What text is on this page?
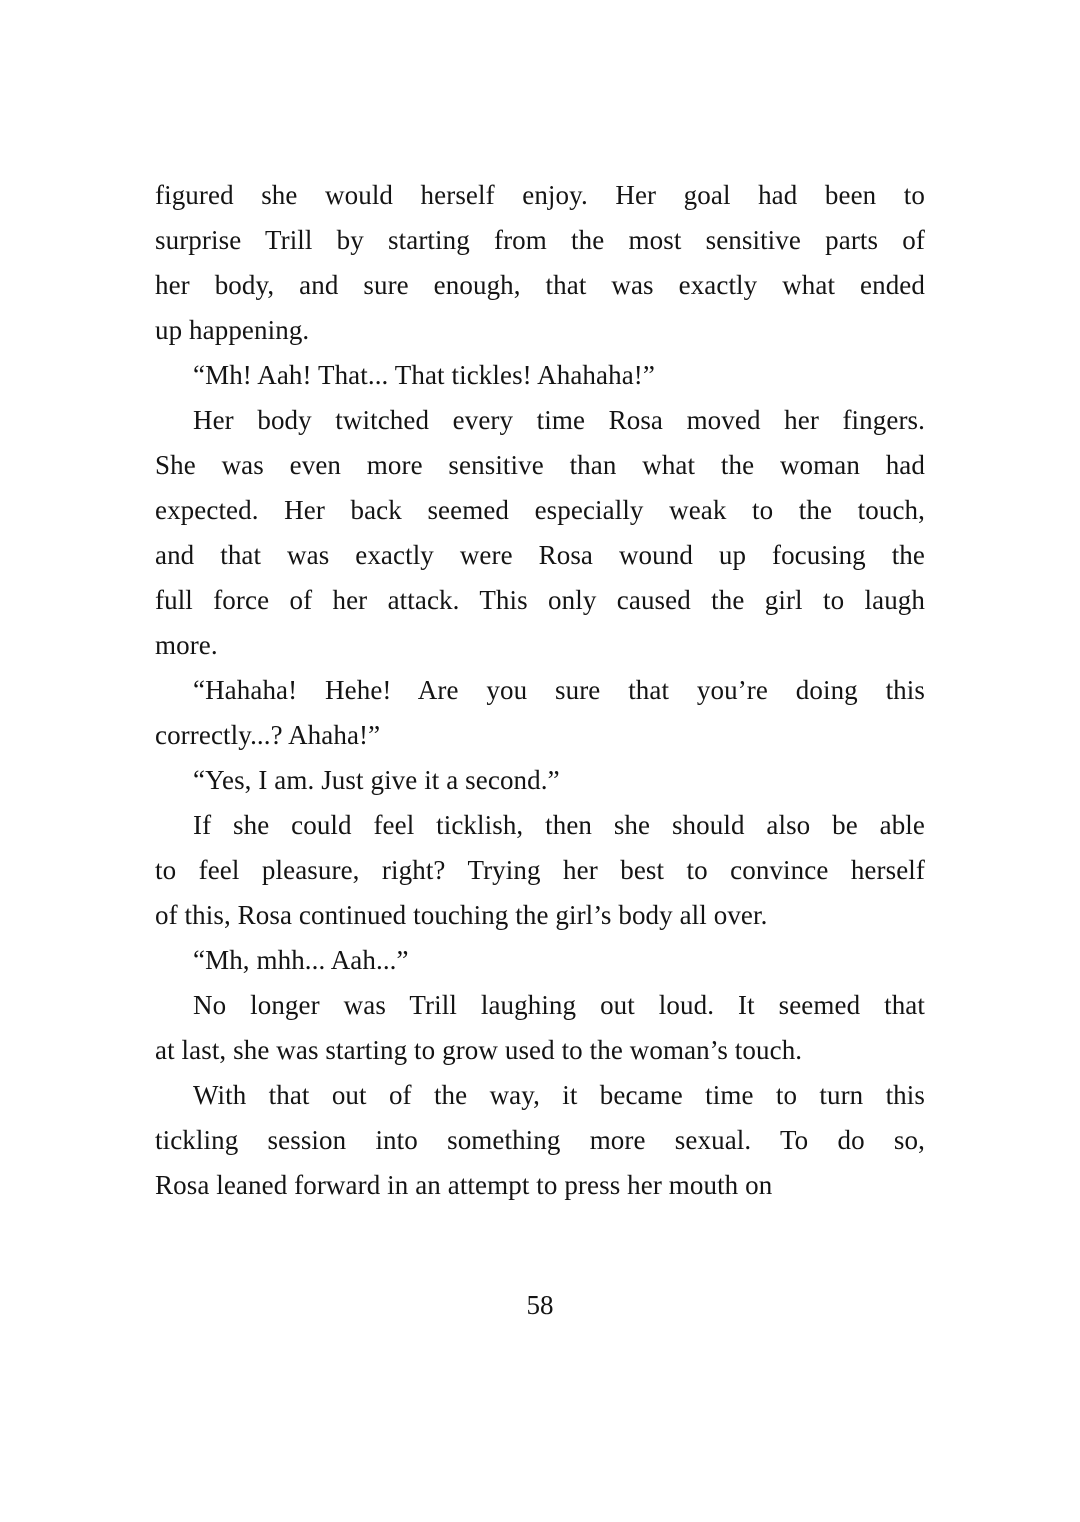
figured she would herself enjoy. Her goal had been to
surprise Trill by starting from the most sensitive parts of
her body, and sure enough, that was exactly what ended
up happening.
“Mh! Aah! That... That tickles! Ahahaha!”
Her body twitched every time Rosa moved her fingers.
She was even more sensitive than what the woman had
expected. Her back seemed especially weak to the touch,
and that was exactly were Rosa wound up focusing the
full force of her attack. This only caused the girl to laugh
more.
“Hahaha! Hehe! Are you sure that you’re doing this
correctly...? Ahaha!”
“Yes, I am. Just give it a second.”
If she could feel ticklish, then she should also be able
to feel pleasure, right? Trying her best to convince herself
of this, Rosa continued touching the girl’s body all over.
“Mh, mhh... Aah...”
No longer was Trill laughing out loud. It seemed that
at last, she was starting to grow used to the woman’s touch.
With that out of the way, it became time to turn this
tickling session into something more sexual. To do so,
Rosa leaned forward in an attempt to press her mouth on
58
